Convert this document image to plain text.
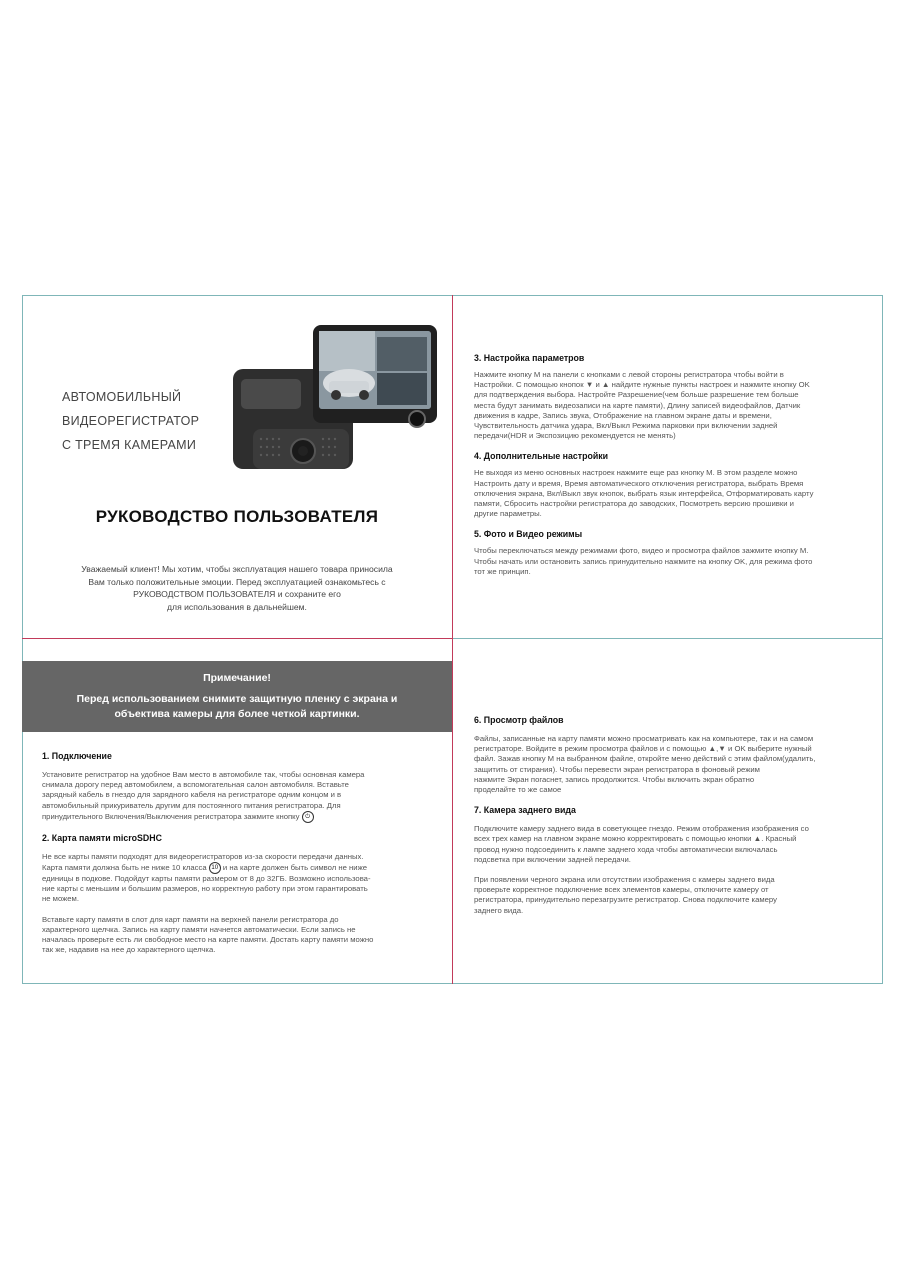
АВТОМОБИЛЬНЫЙ
ВИДЕОРЕГИСТРАТОР
С ТРЕМЯ КАМЕРАМИ
РУКОВОДСТВО ПОЛЬЗОВАТЕЛЯ
Уважаемый клиент! Мы хотим, чтобы эксплуатация нашего товара приносила
Вам только положительные эмоции. Перед эксплуатацией ознакомьтесь с
РУКОВОДСТВОМ ПОЛЬЗОВАТЕЛЯ и сохраните его
для использования в дальнейшем.
3. Настройка параметров

Нажмите кнопку M на панели с кнопками с левой стороны регистратора чтобы войти в

Настройки. С помощью кнопок ▼ и ▲ найдите нужные пункты настроек и нажмите кнопку OK

для подтверждения выбора. Настройте Разрешение(чем больше разрешение тем больше

места будут занимать видеозаписи на карте памяти), Длину записей видеофайлов, Датчик

движения в кадре, Запись звука, Отображение на главном экране даты и времени,

Чувствительность датчика удара, Вкл/Выкл Режима парковки при включении задней

передачи(HDR и Экспозицию рекомендуется не менять)

4. Дополнительные настройки

Не выходя из меню основных настроек нажмите еще раз кнопку M. В этом разделе можно

Настроить дату и время, Время автоматического отключения регистратора, выбрать Время

отключения экрана, Вкл\Выкл звук кнопок, выбрать язык интерфейса, Отформатировать карту

памяти, Сбросить настройки регистратора до заводских, Посмотреть версию прошивки и

другие параметры.

5. Фото и Видео режимы

Чтобы переключаться между режимами фото, видео и просмотра файлов зажмите кнопку M.

Чтобы начать или остановить запись принудительно нажмите на кнопку OK, для режима фото

тот же принцип.

Примечание!
Перед использованием снимите защитную пленку с экрана и
объектива камеры для более четкой картинки.
1. Подключение

Установите регистратор на удобное Вам место в автомобиле так, чтобы основная камера

снимала дорогу перед автомобилем, а вспомогательная салон автомобиля. Вставьте

зарядный кабель в гнездо для зарядного кабеля на регистраторе одним концом и в

автомобильный прикуриватель другим для постоянного питания регистратора. Для

принудительного Включения/Выключения регистратора зажмите кнопку ⏻

2. Карта памяти microSDHC

Не все карты памяти подходят для видеорегистраторов из-за скорости передачи данных.

Карта памяти должна быть не ниже 10 класса 10 и на карте должен быть символ не ниже

единицы в подкове. Подойдут карты памяти размером от 8 до 32ГБ. Возможно использова-

ние карты с меньшим и большим размеров, но корректную работу при этом гарантировать

не можем.

Вставьте карту памяти в слот для карт памяти на верхней панели регистратора до

характерного щелчка. Запись на карту памяти начнется автоматически. Если запись не

началась проверьте есть ли свободное место на карте памяти. Достать карту памяти можно

так же, надавив на нее до характерного щелчка.

6. Просмотр файлов

Файлы, записанные на карту памяти можно просматривать как на компьютере, так и на самом

регистраторе. Войдите в режим просмотра файлов и с помощью ▲,▼ и OK выберите нужный

файл. Зажав кнопку M на выбранном файле, откройте меню действий с этим файлом(удалить,

защитить от стирания). Чтобы перевести экран регистратора в фоновый режим

нажмите Экран погаснет, запись продолжится. Чтобы включить экран обратно

проделайте то же самое

7. Камера заднего вида

Подключите камеру заднего вида в советующее гнездо. Режим отображения изображения со

всех трех камер на главном экране можно корректировать с помощью кнопки ▲. Красный

провод нужно подсоединить к лампе заднего хода чтобы автоматически включалась

подсветка при включении задней передачи.

При появлении черного экрана или отсутствии изображения с камеры заднего вида

проверьте корректное подключение всех элементов камеры, отключите камеру от

регистратора, принудительно перезагрузите регистратор. Снова подключите камеру

заднего вида.
